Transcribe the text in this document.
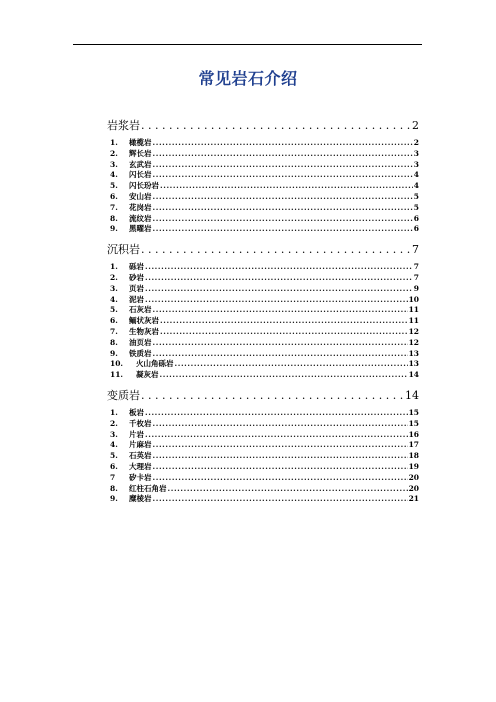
常见岩石介绍
岩浆岩 . . .	2
1.	橄榄岩 . . .	2
2.	辉长岩 . . .	3
3.	玄武岩 . . .	3
4.	闪长岩 . . .	4
5.	闪长玢岩 . . .	4
6.	安山岩 . . .	5
7.	花岗岩 . . .	5
8.	流纹岩 . . .	6
9.	黑曜岩 . . .	6
沉积岩 . . .	7
1.	砾岩 . . .	7
2.	砂岩 . . .	7
3.	页岩 . . .	9
4.	泥岩 . . .	10
5.	石灰岩 . . .	11
6.	鲕状灰岩 . . .	11
7.	生物灰岩 . . .	12
8.	油页岩 . . .	12
9.	铁质岩 . . .	13
10.	火山角砾岩 . . .	13
11.	凝灰岩 . . .	14
变质岩 . . .	14
1.	板岩 . . .	15
2.	千枚岩 . . .	15
3.	片岩 . . .	16
4.	片麻岩 . . .	17
5.	石英岩 . . .	18
6.	大理岩 . . .	19
7	矽卡岩 . . .	20
8.	红柱石角岩 . . .	20
9.	糜棱岩 . . .	21
